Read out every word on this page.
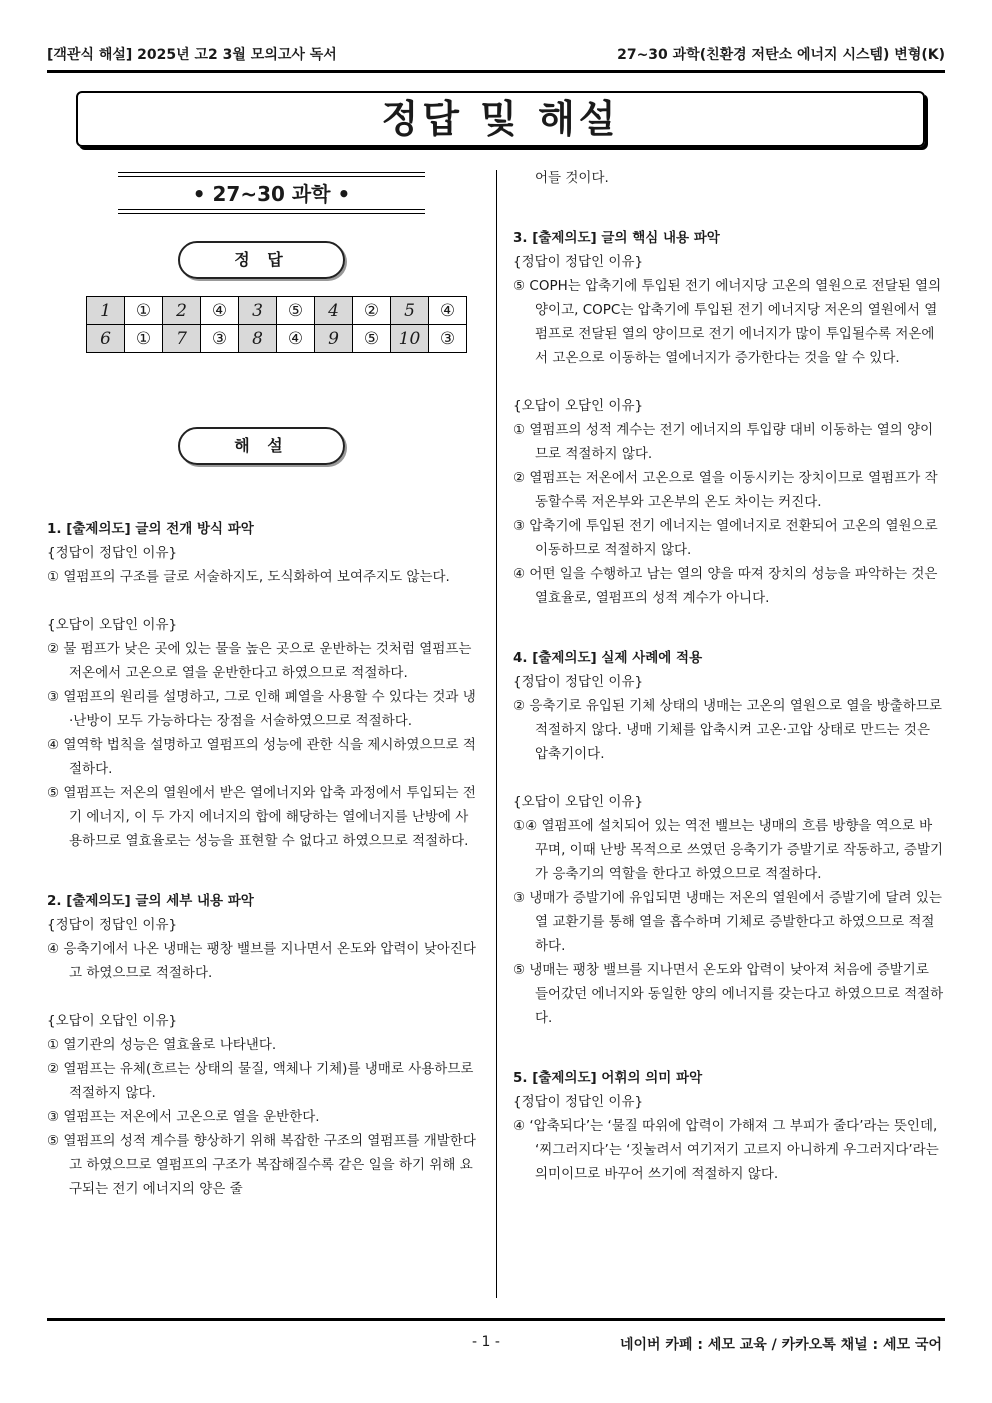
[객관식 해설] 2025년 고2 3월 모의고사 독서	27~30 과학(친환경 저탄소 에너지 시스템) 변형(K)
정답 및 해설
• 27~30 과학 •
정 답
1	①	2	④	3	⑤	4	②	5	④
6	①	7	③	8	④	9	⑤	10	③
해 설
1. [출제의도] 글의 전개 방식 파악
{정답이 정답인 이유}
① 열펌프의 구조를 글로 서술하지도, 도식화하여 보여주지도 않는다.
{오답이 오답인 이유}
② 물 펌프가 낮은 곳에 있는 물을 높은 곳으로 운반하는 것처럼 열펌프는 저온에서 고온으로 열을 운반한다고 하였으므로 적절하다.
③ 열펌프의 원리를 설명하고, 그로 인해 폐열을 사용할 수 있다는 것과 냉·난방이 모두 가능하다는 장점을 서술하였으므로 적절하다.
④ 열역학 법칙을 설명하고 열펌프의 성능에 관한 식을 제시하였으므로 적절하다.
⑤ 열펌프는 저온의 열원에서 받은 열에너지와 압축 과정에서 투입되는 전기 에너지, 이 두 가지 에너지의 합에 해당하는 열에너지를 난방에 사용하므로 열효율로는 성능을 표현할 수 없다고 하였으므로 적절하다.
2. [출제의도] 글의 세부 내용 파악
{정답이 정답인 이유}
④ 응축기에서 나온 냉매는 팽창 밸브를 지나면서 온도와 압력이 낮아진다고 하였으므로 적절하다.
{오답이 오답인 이유}
① 열기관의 성능은 열효율로 나타낸다.
② 열펌프는 유체(흐르는 상태의 물질, 액체나 기체)를 냉매로 사용하므로 적절하지 않다.
③ 열펌프는 저온에서 고온으로 열을 운반한다.
⑤ 열펌프의 성적 계수를 향상하기 위해 복잡한 구조의 열펌프를 개발한다고 하였으므로 열펌프의 구조가 복잡해질수록 같은 일을 하기 위해 요구되는 전기 에너지의 양은 줄
어들 것이다.
3. [출제의도] 글의 핵심 내용 파악
{정답이 정답인 이유}
⑤ COPH는 압축기에 투입된 전기 에너지당 고온의 열원으로 전달된 열의 양이고, COPC는 압축기에 투입된 전기 에너지당 저온의 열원에서 열펌프로 전달된 열의 양이므로 전기 에너지가 많이 투입될수록 저온에서 고온으로 이동하는 열에너지가 증가한다는 것을 알 수 있다.
{오답이 오답인 이유}
① 열펌프의 성적 계수는 전기 에너지의 투입량 대비 이동하는 열의 양이므로 적절하지 않다.
② 열펌프는 저온에서 고온으로 열을 이동시키는 장치이므로 열펌프가 작동할수록 저온부와 고온부의 온도 차이는 커진다.
③ 압축기에 투입된 전기 에너지는 열에너지로 전환되어 고온의 열원으로 이동하므로 적절하지 않다.
④ 어떤 일을 수행하고 남는 열의 양을 따져 장치의 성능을 파악하는 것은 열효율로, 열펌프의 성적 계수가 아니다.
4. [출제의도] 실제 사례에 적용
{정답이 정답인 이유}
② 응축기로 유입된 기체 상태의 냉매는 고온의 열원으로 열을 방출하므로 적절하지 않다. 냉매 기체를 압축시켜 고온·고압 상태로 만드는 것은 압축기이다.
{오답이 오답인 이유}
①④ 열펌프에 설치되어 있는 역전 밸브는 냉매의 흐름 방향을 역으로 바꾸며, 이때 난방 목적으로 쓰였던 응축기가 증발기로 작동하고, 증발기가 응축기의 역할을 한다고 하였으므로 적절하다.
③ 냉매가 증발기에 유입되면 냉매는 저온의 열원에서 증발기에 달려 있는 열 교환기를 통해 열을 흡수하며 기체로 증발한다고 하였으므로 적절하다.
⑤ 냉매는 팽창 밸브를 지나면서 온도와 압력이 낮아져 처음에 증발기로 들어갔던 에너지와 동일한 양의 에너지를 갖는다고 하였으므로 적절하다.
5. [출제의도] 어휘의 의미 파악
{정답이 정답인 이유}
④ ‘압축되다’는 ‘물질 따위에 압력이 가해져 그 부피가 줄다’라는 뜻인데, ‘찌그러지다’는 ‘짓눌려서 여기저기 고르지 아니하게 우그러지다’라는 의미이므로 바꾸어 쓰기에 적절하지 않다.
- 1 -	네이버 카페 : 세모 교육 / 카카오톡 채널 : 세모 국어
